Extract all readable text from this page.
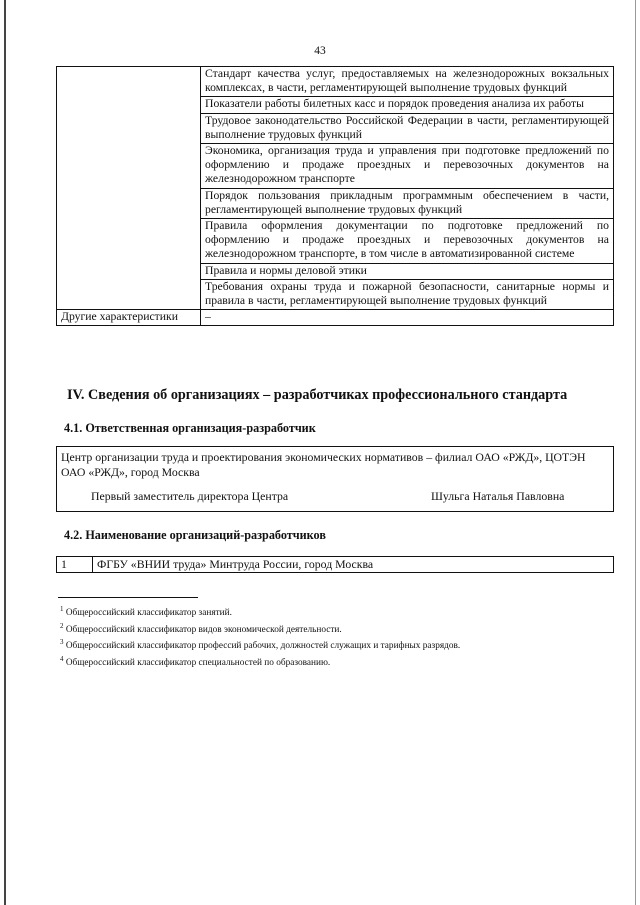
43
	Стандарт качества услуг, предоставляемых на железнодорожных вокзальных комплексах, в части, регламентирующей выполнение трудовых функций
	Показатели работы билетных касс и порядок проведения анализа их работы
	Трудовое законодательство Российской Федерации в части, регламентирующей выполнение трудовых функций
	Экономика, организация труда и управления при подготовке предложений по оформлению и продаже проездных и перевозочных документов на железнодорожном транспорте
	Порядок пользования прикладным программным обеспечением в части, регламентирующей выполнение трудовых функций
	Правила оформления документации по подготовке предложений по оформлению и продаже проездных и перевозочных документов на железнодорожном транспорте, в том числе в автоматизированной системе
	Правила и нормы деловой этики
	Требования охраны труда и пожарной безопасности, санитарные нормы и правила в части, регламентирующей выполнение трудовых функций
Другие характеристики	–
IV. Сведения об организациях – разработчиках профессионального стандарта
4.1. Ответственная организация-разработчик
Центр организации труда и проектирования экономических нормативов – филиал ОАО «РЖД», ЦОТЭН ОАО «РЖД», город Москва
Первый заместитель директора Центра	Шульга Наталья Павловна
4.2. Наименование организаций-разработчиков
1	ФГБУ «ВНИИ труда» Минтруда России, город Москва
$^1$ Общероссийский классификатор занятий.
$^2$ Общероссийский классификатор видов экономической деятельности.
$^3$ Общероссийский классификатор профессий рабочих, должностей служащих и тарифных разрядов.
$^4$ Общероссийский классификатор специальностей по образованию.
